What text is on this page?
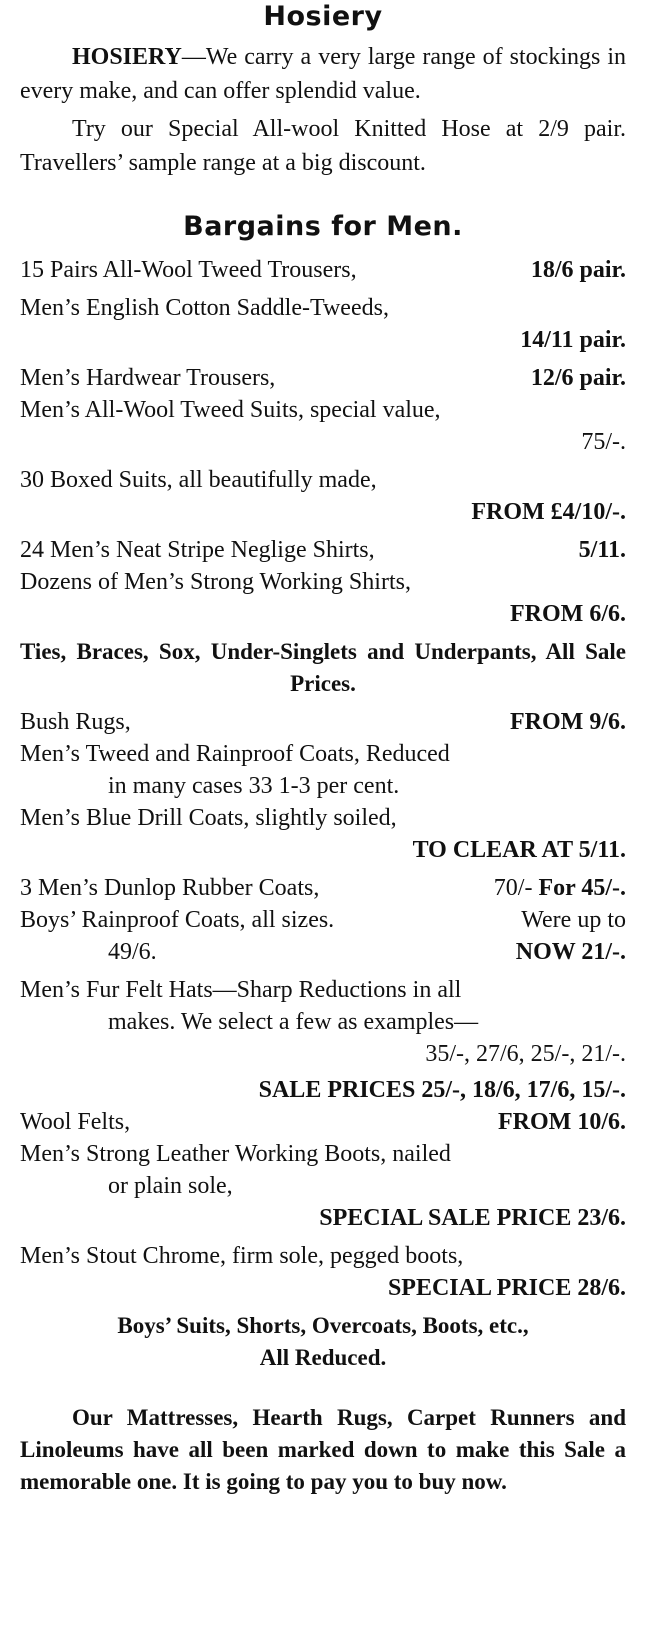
Hosiery

HOSIERY—We carry a very large range of stockings in every make, and can offer splendid value.

Try our Special All-wool Knitted Hose at 2/9 pair. Travellers’ sample range at a big discount.

Bargains for Men.
15 Pairs All-Wool Tweed Trousers,	18/6 pair.
Men’s English Cotton Saddle-Tweeds,
14/11 pair.
Men’s Hardwear Trousers,	12/6 pair.
Men’s All-Wool Tweed Suits, special value,
75/-.
30 Boxed Suits, all beautifully made,
FROM £4/10/-.
24 Men’s Neat Stripe Neglige Shirts,	5/11.
Dozens of Men’s Strong Working Shirts,
FROM 6/6.
Ties, Braces, Sox, Under-Singlets and Underpants, All Sale Prices.
Bush Rugs,	FROM 9/6.
Men’s Tweed and Rainproof Coats, Reduced
in many cases 33 1-3 per cent.
Men’s Blue Drill Coats, slightly soiled,
TO CLEAR AT 5/11.
3 Men’s Dunlop Rubber Coats,	70/- For 45/-.
Boys’ Rainproof Coats, all sizes.	Were up to
49/6.	NOW 21/-.
Men’s Fur Felt Hats—Sharp Reductions in all
makes. We select a few as examples—
35/-, 27/6, 25/-, 21/-.
SALE PRICES 25/-, 18/6, 17/6, 15/-.
Wool Felts,	FROM 10/6.
Men’s Strong Leather Working Boots, nailed
or plain sole,
SPECIAL SALE PRICE 23/6.
Men’s Stout Chrome, firm sole, pegged boots,
SPECIAL PRICE 28/6.
Boys’ Suits, Shorts, Overcoats, Boots, etc.,
All Reduced.

Our Mattresses, Hearth Rugs, Carpet Runners and Linoleums have all been marked down to make this Sale a memorable one. It is going to pay you to buy now.
